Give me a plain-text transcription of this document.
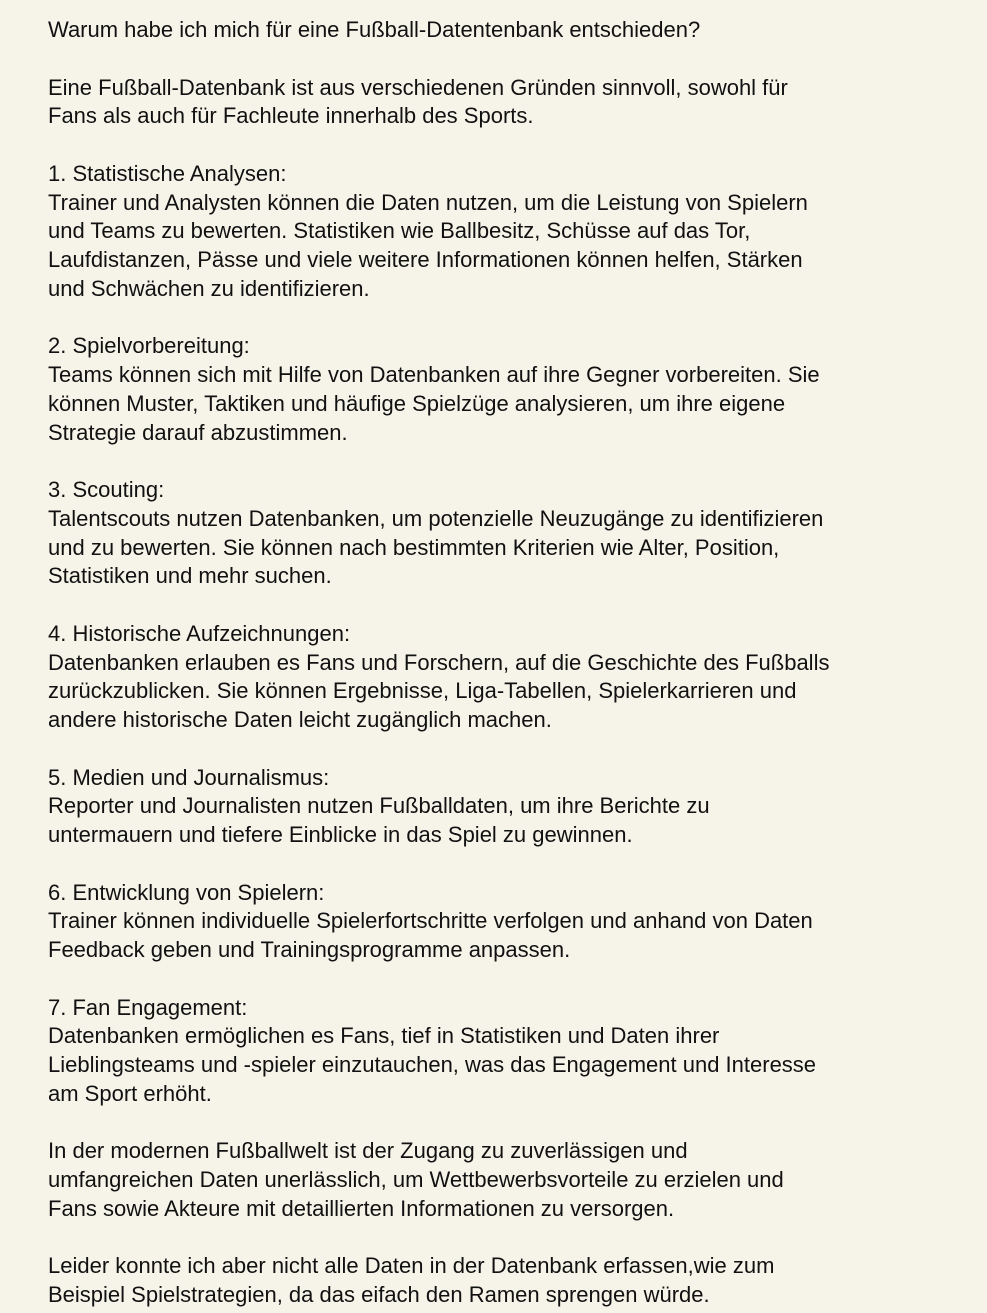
Warum habe ich mich für eine Fußball-Datentenbank entschieden?

Eine Fußball-Datenbank ist aus verschiedenen Gründen sinnvoll, sowohl für
Fans als auch für Fachleute innerhalb des Sports.

1. Statistische Analysen:
Trainer und Analysten können die Daten nutzen, um die Leistung von Spielern
und Teams zu bewerten. Statistiken wie Ballbesitz, Schüsse auf das Tor,
Laufdistanzen, Pässe und viele weitere Informationen können helfen, Stärken
und Schwächen zu identifizieren.

2. Spielvorbereitung:
Teams können sich mit Hilfe von Datenbanken auf ihre Gegner vorbereiten. Sie
können Muster, Taktiken und häufige Spielzüge analysieren, um ihre eigene
Strategie darauf abzustimmen.

3. Scouting:
Talentscouts nutzen Datenbanken, um potenzielle Neuzugänge zu identifizieren
und zu bewerten. Sie können nach bestimmten Kriterien wie Alter, Position,
Statistiken und mehr suchen.

4. Historische Aufzeichnungen:
Datenbanken erlauben es Fans und Forschern, auf die Geschichte des Fußballs
zurückzublicken. Sie können Ergebnisse, Liga-Tabellen, Spielerkarrieren und
andere historische Daten leicht zugänglich machen.

5. Medien und Journalismus:
Reporter und Journalisten nutzen Fußballdaten, um ihre Berichte zu
untermauern und tiefere Einblicke in das Spiel zu gewinnen.

6. Entwicklung von Spielern:
Trainer können individuelle Spielerfortschritte verfolgen und anhand von Daten
Feedback geben und Trainingsprogramme anpassen.

7. Fan Engagement:
Datenbanken ermöglichen es Fans, tief in Statistiken und Daten ihrer
Lieblingsteams und -spieler einzutauchen, was das Engagement und Interesse
am Sport erhöht.

In der modernen Fußballwelt ist der Zugang zu zuverlässigen und
umfangreichen Daten unerlässlich, um Wettbewerbsvorteile zu erzielen und
Fans sowie Akteure mit detaillierten Informationen zu versorgen.

Leider konnte ich aber nicht alle Daten in der Datenbank erfassen,wie zum
Beispiel Spielstrategien, da das eifach den Ramen sprengen würde.
